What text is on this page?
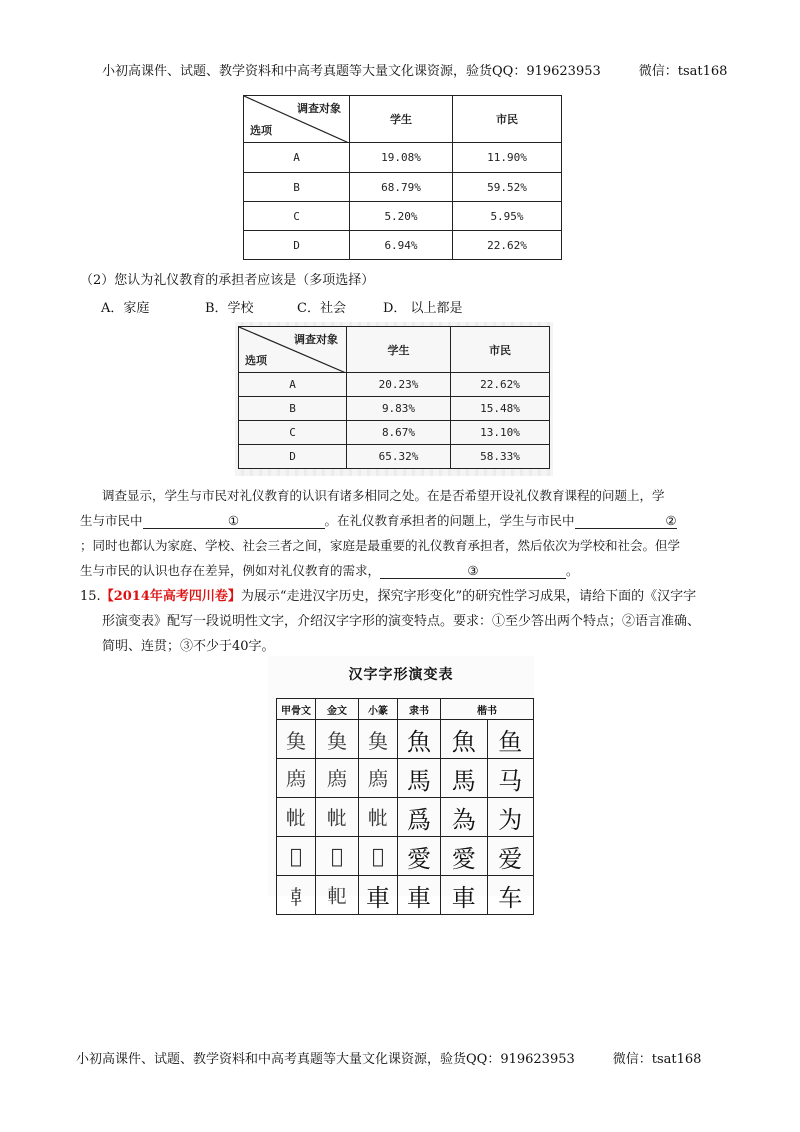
小初高课件、试题、教学资料和中高考真题等大量文化课资源，验货QQ：919623953	微信：tsat168
调查对象
选项	学生	市民
A	19.08%	11.90%
B	68.79%	59.52%
C	5.20%	5.95%
D	6.94%	22.62%
（2）您认为礼仪教育的承担者应该是（多项选择）
A．家庭	B．学校	C．社会	D． 以上都是
调查对象
选项	学生	市民
A	20.23%	22.62%
B	9.83%	15.48%
C	8.67%	13.10%
D	65.32%	58.33%
调查显示，学生与市民对礼仪教育的认识有诸多相同之处。在是否希望开设礼仪教育课程的问题上，学
生与市民中	①	。在礼仪教育承担者的问题上，学生与市民中	②
；同时也都认为家庭、学校、社会三者之间，家庭是最重要的礼仪教育承担者，然后依次为学校和社会。但学
生与市民的认识也存在差异，例如对礼仪教育的需求，	③	。
15.【2014年高考四川卷】为展示“走进汉字历史，探究字形变化”的研究性学习成果，请给下面的《汉字字
形演变表》配写一段说明性文字，介绍汉字字形的演变特点。要求：①至少答出两个特点；②语言准确、
简明、连贯；③不少于40字。
汉字字形演变表
甲骨文	金文	小篆	隶书	楷书	
𩵋	𩵋	𩵋	魚	魚	鱼
𢊁	𢊁	𢊁	馬	馬	马
𢁦	𢁦	𢁦	爲	為	为
𢀢	𢀢	𢀢	愛	愛	爱
𠦝	𨊠	車	車	車	车
小初高课件、试题、教学资料和中高考真题等大量文化课资源，验货QQ：919623953	微信：tsat168
